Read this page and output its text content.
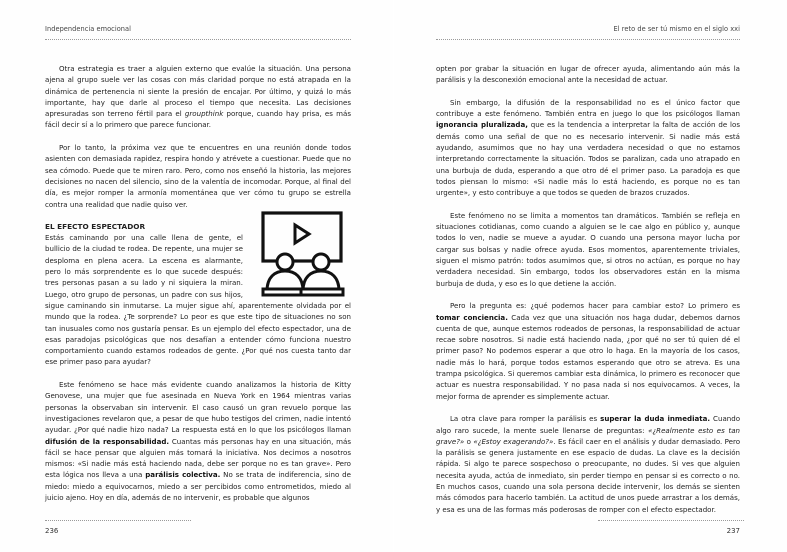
Independencia emocional

Otra estrategia es traer a alguien externo que evalúe la situación. Una persona ajena al grupo suele ver las cosas con más claridad porque no está atrapada en la dinámica de pertenencia ni siente la presión de encajar. Por último, y quizá lo más importante, hay que darle al proceso el tiempo que necesita. Las decisiones apresuradas son terreno fértil para el groupthink porque, cuando hay prisa, es más fácil decir sí a lo primero que parece funcionar.

Por lo tanto, la próxima vez que te encuentres en una reunión donde todos asienten con demasiada rapidez, respira hondo y atrévete a cuestionar. Puede que no sea cómodo. Puede que te miren raro. Pero, como nos enseñó la historia, las mejores decisiones no nacen del silencio, sino de la valentía de incomodar. Porque, al final del día, es mejor romper la armonía momentánea que ver cómo tu grupo se estrella contra una realidad que nadie quiso ver.

EL EFECTO ESPECTADOR

Estás caminando por una calle llena de gente, el bullicio de la ciudad te rodea. De repente, una mujer se desploma en plena acera. La escena es alarmante, pero lo más sorprendente es lo que sucede después: tres personas pasan a su lado y ni siquiera la miran. Luego, otro grupo de personas, un padre con sus hijos, sigue caminando sin inmutarse. La mujer sigue ahí, aparentemente olvidada por el mundo que la rodea. ¿Te sorprende? Lo peor es que este tipo de situaciones no son tan inusuales como nos gustaría pensar. Es un ejemplo del efecto espectador, una de esas paradojas psicológicas que nos desafían a entender cómo funciona nuestro comportamiento cuando estamos rodeados de gente. ¿Por qué nos cuesta tanto dar ese primer paso para ayudar?

Este fenómeno se hace más evidente cuando analizamos la historia de Kitty Genovese, una mujer que fue asesinada en Nueva York en 1964 mientras varias personas la observaban sin intervenir. El caso causó un gran revuelo porque las investigaciones revelaron que, a pesar de que hubo testigos del crimen, nadie intentó ayudar. ¿Por qué nadie hizo nada? La respuesta está en lo que los psicólogos llaman difusión de la responsabilidad. Cuantas más personas hay en una situación, más fácil se hace pensar que alguien más tomará la iniciativa. Nos decimos a nosotros mismos: «Si nadie más está haciendo nada, debe ser porque no es tan grave». Pero esta lógica nos lleva a una parálisis colectiva. No se trata de indiferencia, sino de miedo: miedo a equivocarnos, miedo a ser percibidos como entrometidos, miedo al juicio ajeno. Hoy en día, además de no intervenir, es probable que algunos

236
El reto de ser tú mismo en el siglo xxi

opten por grabar la situación en lugar de ofrecer ayuda, alimentando aún más la parálisis y la desconexión emocional ante la necesidad de actuar.

Sin embargo, la difusión de la responsabilidad no es el único factor que contribuye a este fenómeno. También entra en juego lo que los psicólogos llaman ignorancia pluralizada, que es la tendencia a interpretar la falta de acción de los demás como una señal de que no es necesario intervenir. Si nadie más está ayudando, asumimos que no hay una verdadera necesidad o que no estamos interpretando correctamente la situación. Todos se paralizan, cada uno atrapado en una burbuja de duda, esperando a que otro dé el primer paso. La paradoja es que todos piensan lo mismo: «Si nadie más lo está haciendo, es porque no es tan urgente», y esto contribuye a que todos se queden de brazos cruzados.

Este fenómeno no se limita a momentos tan dramáticos. También se refleja en situaciones cotidianas, como cuando a alguien se le cae algo en público y, aunque todos lo ven, nadie se mueve a ayudar. O cuando una persona mayor lucha por cargar sus bolsas y nadie ofrece ayuda. Esos momentos, aparentemente triviales, siguen el mismo patrón: todos asumimos que, si otros no actúan, es porque no hay verdadera necesidad. Sin embargo, todos los observadores están en la misma burbuja de duda, y eso es lo que detiene la acción.

Pero la pregunta es: ¿qué podemos hacer para cambiar esto? Lo primero es tomar conciencia. Cada vez que una situación nos haga dudar, debemos darnos cuenta de que, aunque estemos rodeados de personas, la responsabilidad de actuar recae sobre nosotros. Si nadie está haciendo nada, ¿por qué no ser tú quien dé el primer paso? No podemos esperar a que otro lo haga. En la mayoría de los casos, nadie más lo hará, porque todos estamos esperando que otro se atreva. Es una trampa psicológica. Si queremos cambiar esta dinámica, lo primero es reconocer que actuar es nuestra responsabilidad. Y no pasa nada si nos equivocamos. A veces, la mejor forma de aprender es simplemente actuar.

La otra clave para romper la parálisis es superar la duda inmediata. Cuando algo raro sucede, la mente suele llenarse de preguntas: «¿Realmente esto es tan grave?» o «¿Estoy exagerando?». Es fácil caer en el análisis y dudar demasiado. Pero la parálisis se genera justamente en ese espacio de dudas. La clave es la decisión rápida. Si algo te parece sospechoso o preocupante, no dudes. Si ves que alguien necesita ayuda, actúa de inmediato, sin perder tiempo en pensar si es correcto o no. En muchos casos, cuando una sola persona decide intervenir, los demás se sienten más cómodos para hacerlo también. La actitud de unos puede arrastrar a los demás, y esa es una de las formas más poderosas de romper con el efecto espectador.

237
